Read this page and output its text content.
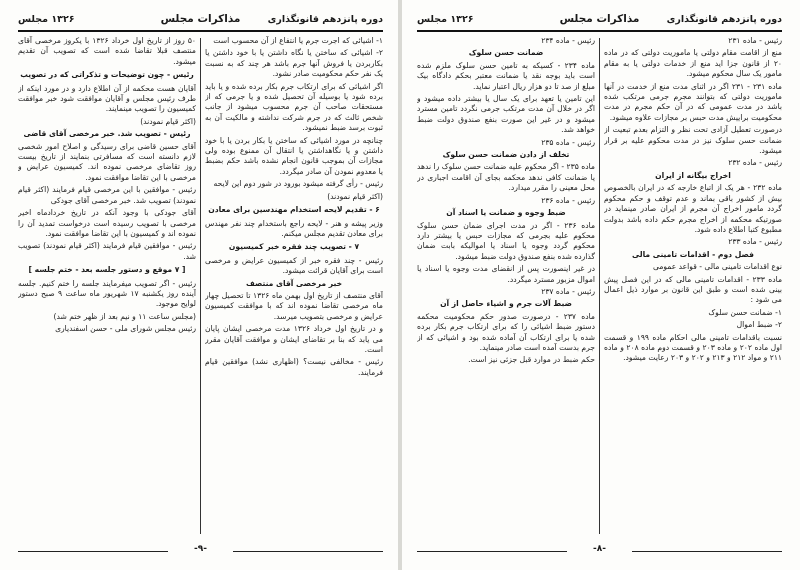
دوره پانزدهم قانونگذاری
مذاکرات مجلس
۱۳۲۶ مجلس
۱- اشیائی که اجرت جرم یا انتفاع از آن محسوب است
۲- اشیائی که ساختن یا نگاه داشتن یا با خود داشتن یا بکاربردن یا فروش آنها جرم باشد هر چند که به نسبت یک نفر حکم محکومیت صادر نشود.
اگر اشیائی که برای ارتکاب جرم بکار برده شده و یا باید برده شود یا بوسیله آن تحصیل شده و یا جرمی که از مستحقات صاحب آن جرم محسوب میشود از جانب شخص ثالث که در جرم شرکت نداشته و مالکیت آن به ثبوت برسد ضبط نمیشود.
چنانچه در مورد اشیائی که ساختن یا بکار بردن یا با خود داشتن و یا نگاهداشتن یا انتقال آن ممنوع بوده ولی مجازات آن بموجب قانون انجام نشده باشد حکم بضبط یا معدوم نمودن آن صادر میگردد.
رئیس - رأی گرفته میشود بورود در شور دوم این لایحه
(اکثر قیام نمودند)
۶ - تقدیم لایحه استخدام مهندسین برای معادن
وزیر پیشه و هنر - لایحه راجع باستخدام چند نفر مهندس برای معادن تقدیم مجلس میکنم.
۷ - تصویب چند فقره خبر کمیسیون
رئیس - چند فقره خبر از کمیسیون عرایض و مرخصی است برای آقایان قرائت میشود.
خبر مرخصی آقای منتصف
آقای منتصف از تاریخ اول بهمن ماه ۱۳۲۶ تا تحصیل چهار ماه مرخصی تقاضا نموده اند که با موافقت کمیسیون عرایض و مرخصی بتصویب میرسد.
و در تاریخ اول خرداد ۱۳۲۶ مدت مرخصی ایشان پایان می یابد که بنا بر تقاضای ایشان و موافقت آقایان مقرر است.
رئیس - مخالفی نیست؟ (اظهاری نشد) موافقین قیام فرمایند.
۵۰ روز از تاریخ اول خرداد ۱۳۲۶ با یکروز مرخصی آقای منتصف قبلا تقاضا شده است که تصویب آن تقدیم میشود.
رئیس - چون توضیحات و تذکراتی که در تصویب
آقایان هست محکمه از آن اطلاع دارد و در مورد اینکه از طرف رئیس مجلس و آقایان موافقت شود خبر موافقت کمیسیون را تصویب مینمایند.
(اکثر قیام نمودند)
رئیس - تصویب شد. خبر مرخصی آقای قاضی
آقای حسین قاضی برای رسیدگی و اصلاح امور شخصی لازم دانسته است که مسافرتی بنمایند از تاریخ بیست روز تقاضای مرخصی نموده اند. کمیسیون عرایض و مرخصی با این تقاضا موافقت نمود.
رئیس - موافقین با این مرخصی قیام فرمایند (اکثر قیام نمودند) تصویب شد. خبر مرخصی آقای جودکی
آقای جودکی با وجود آنکه در تاریخ خردادماه اخیر مرخصی با تصویب رسیده است درخواست تمدید آن را نموده اند و کمیسیون با این تقاضا موافقت نمود.
رئیس - موافقین قیام فرمایند (اکثر قیام نمودند) تصویب شد.
[ ۷ موقع و دستور جلسه بعد - ختم جلسه ]
رئیس - اگر تصویب میفرمایند جلسه را ختم کنیم. جلسه آینده روز یکشنبه ۱۷ شهریور ماه ساعت ۹ صبح دستور لوایح موجود.
(مجلس ساعت ۱۱ و نیم بعد از ظهر ختم شد)
رئیس مجلس شورای ملی - حسن اسفندیاری
-۹-
دوره پانزدهم قانونگذاری
مذاکرات مجلس
۱۳۲۶ مجلس
رئیس - ماده ۲۳۱
منع از اقامت مقام دولتی یا ماموریت دولتی که در ماده ۲۰ از قانون جزا اید منع از خدمات دولتی یا به مقام مامور یک سال محکوم میشود.
ماده ۲۳۱ - ۲۳۱ اگر در اثنای مدت منع از خدمت در آنها ماموریت دولتی که بتوانند مجرم جرمی مرتکب شده باشد در مدت عمومی که در آن حکم مجرم در مدت محکومیت براییش مدت حبس بر مجازات علاوه میشود.
درصورت تعطیل آزادی تحت نظر و التزام بعدم تبعیت از ضمانت حسن سلوک نیز در مدت محکوم علیه بر قرار میشود.
رئیس - ماده ۲۳۲
اخراج بیگانه از ایران
ماده ۲۳۲ - هر یک از اتباع خارجه که در ایران بالخصوص بیش از کشور باقی بماند و عدم توقف و حکم محکوم گردد مامور اخراج آن مجرم از ایران صادر مینماید در صورتیکه محکمه از اخراج مجرم حکم داده باشد بدولت مطبوع کتبا اطلاع داده شود.
رئیس - ماده ۲۳۳
فصل دوم - اقدامات تامینی مالی
نوع اقدامات تامینی مالی - قواعد عمومی
ماده ۲۳۳ - اقدامات تامینی مالی که در این فصل پیش بینی شده است و طبق این قانون بر موارد ذیل اعمال می شود :
۱- ضمانت حسن سلوک
۲- ضبط اموال
نسبت باقدامات تامینی مالی احکام ماده ۱۹۹ و قسمت اول ماده ۲۰۲ و ماده ۲۰۳ و قسمت دوم ماده ۲۰۸ و ماده ۲۱۱ و مواد ۲۱۲ و ۲۱۳ و ۲۰۲ و ۲۰۳ رعایت میشود.
رئیس - ماده ۲۳۴
ضمانت حسن سلوک
ماده ۲۳۴ - کسیکه به تامین حسن سلوک ملزم شده است باید بوجه نقد یا ضمانت معتبر بحکم دادگاه بیک مبلغ از صد تا دو هزار ریال اعتبار نماید.
این تامین یا تعهد برای یک سال یا بیشتر داده میشود و اگر در خلال آن مدت مرتکب جرمی نگردد تامین مسترد میشود و در غیر این صورت بنفع صندوق دولت ضبط خواهد شد.
رئیس - ماده ۲۳۵
تخلف از دادن ضمانت حسن سلوک
ماده ۲۳۵ - اگر محکوم علیه ضمانت حسن سلوک را ندهد یا ضمانت کافی ندهد محکمه بجای آن اقامت اجباری در محل معینی را مقرر میدارد.
رئیس - ماده ۲۳۶
ضبط وجوه و ضمانت یا اسناد آن
ماده ۲۳۶ - اگر در مدت اجرای ضمان حسن سلوک محکوم علیه بجرمی که مجازات حبس یا بیشتر دارد محکوم گردد وجوه یا اسناد یا اموالیکه بابت ضمان گذارده شده بنفع صندوق دولت ضبط میشود.
در غیر اینصورت پس از انقضای مدت وجوه یا اسناد یا اموال مزبور مسترد میگردد.
رئیس - ماده ۲۳۷
ضبط آلات جرم و اشیاء حاصل از آن
ماده ۲۳۷ - درصورت صدور حکم محکومیت محکمه دستور ضبط اشیائی را که برای ارتکاب جرم بکار برده شده یا برای ارتکاب آن آماده شده بود و اشیائی که از جرم بدست آمده است صادر مینماید.
حکم ضبط در موارد قبل جزئی نیز است.
-۸-
